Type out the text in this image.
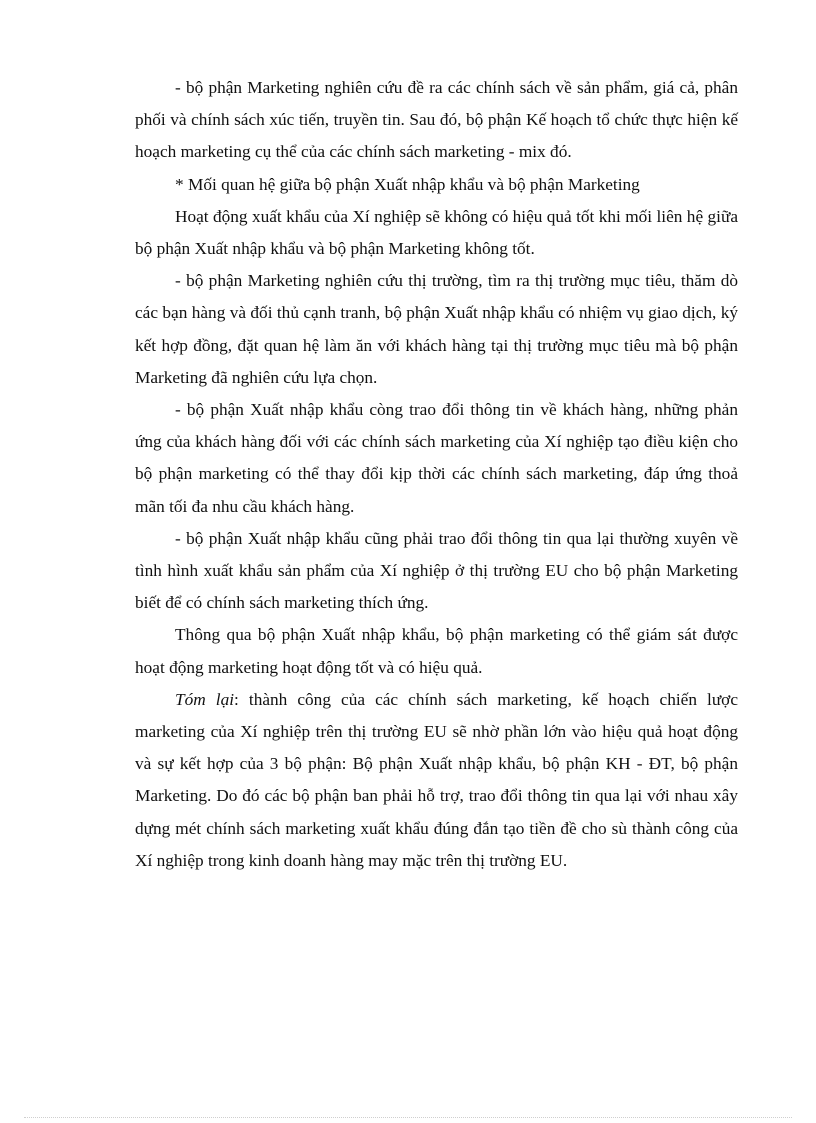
- bộ phận Marketing nghiên cứu đề ra các chính sách về sản phẩm, giá cả, phân phối và chính sách xúc tiến, truyền tin. Sau đó, bộ phận Kế hoạch tổ chức thực hiện kế hoạch marketing cụ thể của các chính sách marketing - mix đó.

* Mối quan hệ giữa bộ phận Xuất nhập khẩu và bộ phận Marketing

Hoạt động xuất khẩu của Xí nghiệp sẽ không có hiệu quả tốt khi mối liên hệ giữa bộ phận Xuất nhập khẩu và bộ phận Marketing không tốt.

- bộ phận Marketing nghiên cứu thị trường, tìm ra thị trường mục tiêu, thăm dò các bạn hàng và đối thủ cạnh tranh, bộ phận Xuất nhập khẩu có nhiệm vụ giao dịch, ký kết hợp đồng, đặt quan hệ làm ăn với khách hàng tại thị trường mục tiêu mà bộ phận Marketing đã nghiên cứu lựa chọn.

- bộ phận Xuất nhập khẩu còng trao đổi thông tin về khách hàng, những phản ứng của khách hàng đối với các chính sách marketing của Xí nghiệp tạo điều kiện cho bộ phận marketing có thể thay đổi kịp thời các chính sách marketing, đáp ứng thoả mãn tối đa nhu cầu khách hàng.

- bộ phận Xuất nhập khẩu cũng phải trao đổi thông tin qua lại thường xuyên về tình hình xuất khẩu sản phẩm của Xí nghiệp ở thị trường EU cho bộ phận Marketing biết để có chính sách marketing thích ứng.

Thông qua bộ phận Xuất nhập khẩu, bộ phận marketing có thể giám sát được hoạt động marketing hoạt động tốt và có hiệu quả.

Tóm lại: thành công của các chính sách marketing, kế hoạch chiến lược marketing của Xí nghiệp trên thị trường EU sẽ nhờ phần lớn vào hiệu quả hoạt động và sự kết hợp của 3 bộ phận: Bộ phận Xuất nhập khẩu, bộ phận KH - ĐT, bộ phận Marketing. Do đó các bộ phận ban phải hỗ trợ, trao đổi thông tin qua lại với nhau xây dựng mét chính sách marketing xuất khẩu đúng đắn tạo tiền đề cho sù thành công của Xí nghiệp trong kinh doanh hàng may mặc trên thị trường EU.
